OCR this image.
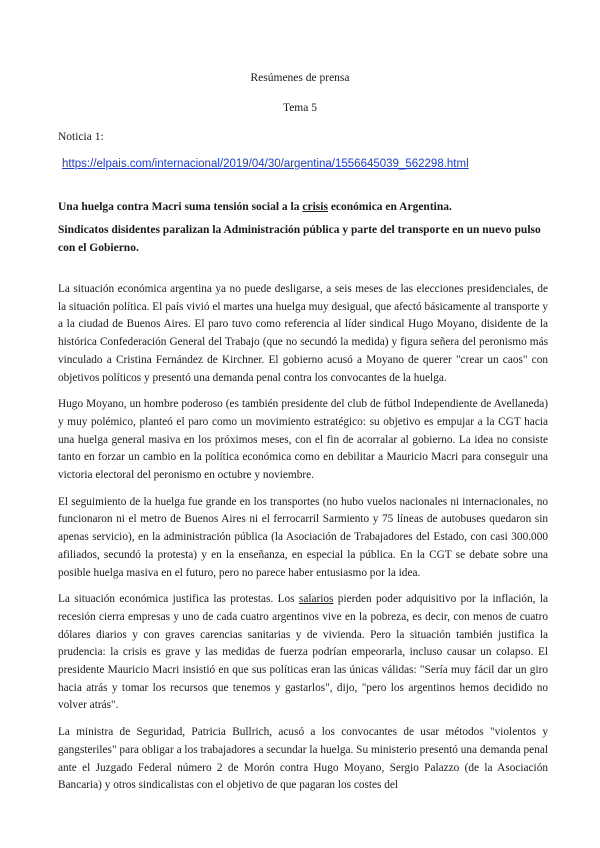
Resúmenes de prensa
Tema 5
Noticia 1:
https://elpais.com/internacional/2019/04/30/argentina/1556645039_562298.html

Una huelga contra Macri suma tensión social a la crisis económica en Argentina.

Sindicatos disidentes paralizan la Administración pública y parte del transporte en un nuevo pulso con el Gobierno.

La situación económica argentina ya no puede desligarse, a seis meses de las elecciones presidenciales, de la situación política. El país vivió el martes una huelga muy desigual, que afectó básicamente al transporte y a la ciudad de Buenos Aires. El paro tuvo como referencia al líder sindical Hugo Moyano, disidente de la histórica Confederación General del Trabajo (que no secundó la medida) y figura señera del peronismo más vinculado a Cristina Fernández de Kirchner. El gobierno acusó a Moyano de querer "crear un caos" con objetivos políticos y presentó una demanda penal contra los convocantes de la huelga.

Hugo Moyano, un hombre poderoso (es también presidente del club de fútbol Independiente de Avellaneda) y muy polémico, planteó el paro como un movimiento estratégico: su objetivo es empujar a la CGT hacia una huelga general masiva en los próximos meses, con el fin de acorralar al gobierno. La idea no consiste tanto en forzar un cambio en la política económica como en debilitar a Mauricio Macri para conseguir una victoria electoral del peronismo en octubre y noviembre.

El seguimiento de la huelga fue grande en los transportes (no hubo vuelos nacionales ni internacionales, no funcionaron ni el metro de Buenos Aires ni el ferrocarril Sarmiento y 75 líneas de autobuses quedaron sin apenas servicio), en la administración pública (la Asociación de Trabajadores del Estado, con casi 300.000 afiliados, secundó la protesta) y en la enseñanza, en especial la pública. En la CGT se debate sobre una posible huelga masiva en el futuro, pero no parece haber entusiasmo por la idea.

La situación económica justifica las protestas. Los salarios pierden poder adquisitivo por la inflación, la recesión cierra empresas y uno de cada cuatro argentinos vive en la pobreza, es decir, con menos de cuatro dólares diarios y con graves carencias sanitarias y de vivienda. Pero la situación también justifica la prudencia: la crisis es grave y las medidas de fuerza podrían empeorarla, incluso causar un colapso. El presidente Mauricio Macri insistió en que sus políticas eran las únicas válidas: "Sería muy fácil dar un giro hacia atrás y tomar los recursos que tenemos y gastarlos", dijo, "pero los argentinos hemos decidido no volver atrás".

La ministra de Seguridad, Patricia Bullrich, acusó a los convocantes de usar métodos "violentos y gangsteriles" para obligar a los trabajadores a secundar la huelga. Su ministerio presentó una demanda penal ante el Juzgado Federal número 2 de Morón contra Hugo Moyano, Sergio Palazzo (de la Asociación Bancaria) y otros sindicalistas con el objetivo de que pagaran los costes del
